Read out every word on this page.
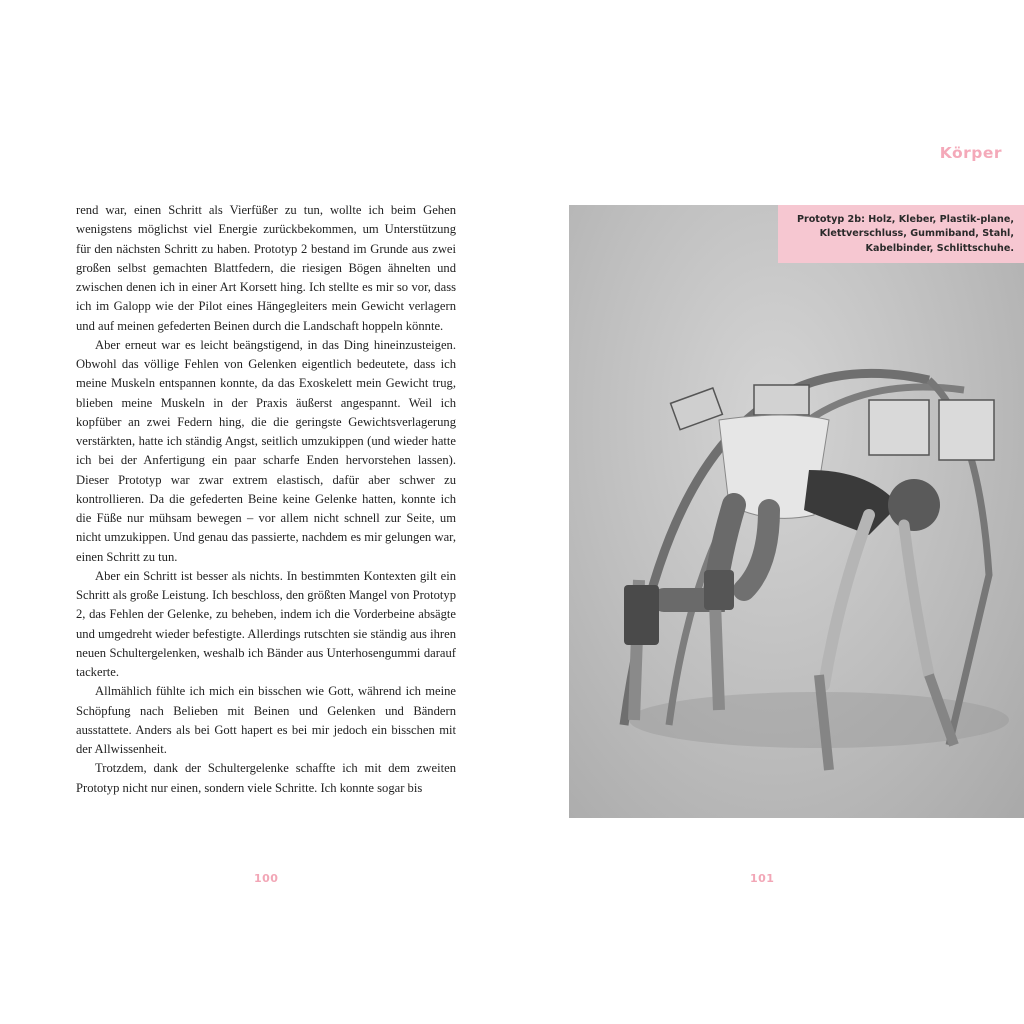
rend war, einen Schritt als Vierfüßer zu tun, wollte ich beim Gehen wenigstens möglichst viel Energie zurückbekommen, um Unterstützung für den nächsten Schritt zu haben. Prototyp 2 bestand im Grunde aus zwei großen selbst gemachten Blattfedern, die riesigen Bögen ähnelten und zwischen denen ich in einer Art Korsett hing. Ich stellte es mir so vor, dass ich im Galopp wie der Pilot eines Hängegleiters mein Gewicht verlagern und auf meinen gefederten Beinen durch die Landschaft hoppeln könnte.

Aber erneut war es leicht beängstigend, in das Ding hineinzusteigen. Obwohl das völlige Fehlen von Gelenken eigentlich bedeutete, dass ich meine Muskeln entspannen konnte, da das Exoskelett mein Gewicht trug, blieben meine Muskeln in der Praxis äußerst angespannt. Weil ich kopfüber an zwei Federn hing, die die geringste Gewichtsverlagerung verstärkten, hatte ich ständig Angst, seitlich umzukippen (und wieder hatte ich bei der Anfertigung ein paar scharfe Enden hervorstehen lassen). Dieser Prototyp war zwar extrem elastisch, dafür aber schwer zu kontrollieren. Da die gefederten Beine keine Gelenke hatten, konnte ich die Füße nur mühsam bewegen – vor allem nicht schnell zur Seite, um nicht umzukippen. Und genau das passierte, nachdem es mir gelungen war, einen Schritt zu tun.

Aber ein Schritt ist besser als nichts. In bestimmten Kontexten gilt ein Schritt als große Leistung. Ich beschloss, den größten Mangel von Prototyp 2, das Fehlen der Gelenke, zu beheben, indem ich die Vorderbeine absägte und umgedreht wieder befestigte. Allerdings rutschten sie ständig aus ihren neuen Schultergelenken, weshalb ich Bänder aus Unterhosengummi darauf tackerte.

Allmählich fühlte ich mich ein bisschen wie Gott, während ich meine Schöpfung nach Belieben mit Beinen und Gelenken und Bändern ausstattete. Anders als bei Gott hapert es bei mir jedoch ein bisschen mit der Allwissenheit.

Trotzdem, dank der Schultergelenke schaffte ich mit dem zweiten Prototyp nicht nur einen, sondern viele Schritte. Ich konnte sogar bis

100
Körper
Prototyp 2b: Holz, Kleber, Plastik-plane, Klettverschluss, Gummiband, Stahl, Kabelbinder, Schlittschuhe.
101
